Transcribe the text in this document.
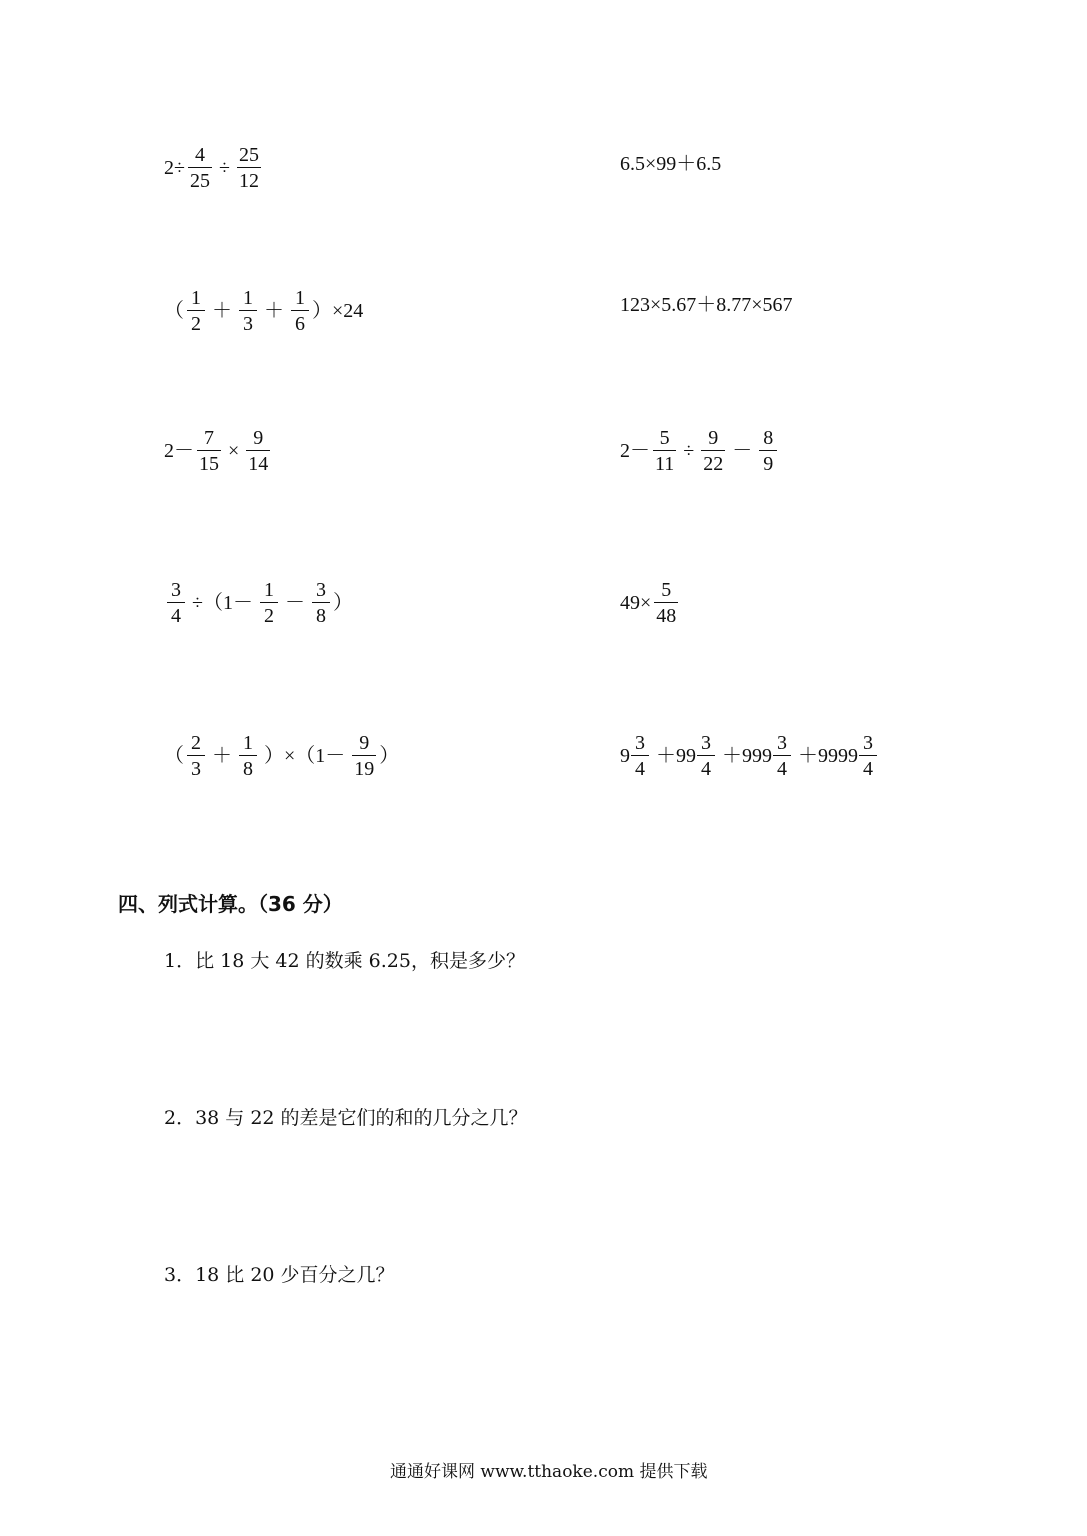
$2\div \frac{4}{25} \div \frac{25}{12}$	6.5×99＋6.5
（ $\frac{1}{2} + \frac{1}{3} + \frac{1}{6} )\times 24$	123×5.67＋8.77×567
$2- \frac{7}{15} \times \frac{9}{14}$	$2- \frac{5}{11} \div \frac{9}{22} - \frac{8}{9}$
$\frac{3}{4} \div(1- \frac{1}{2} - \frac{3}{8}$ ）	$49\times \frac{5}{48}$
（ $\frac{2}{3} + \frac{1}{8} )\times(1- \frac{9}{19}$ ）	$9 \frac{3}{4} +99 \frac{3}{4} +999 \frac{3}{4} +9999 \frac{3}{4}$
四、列式计算。（36 分）
1．比 18 大 42 的数乘 6.25，积是多少？
2．38 与 22 的差是它们的和的几分之几？
3．18 比 20 少百分之几？
通通好课网 www.tthaoke.com 提供下载
